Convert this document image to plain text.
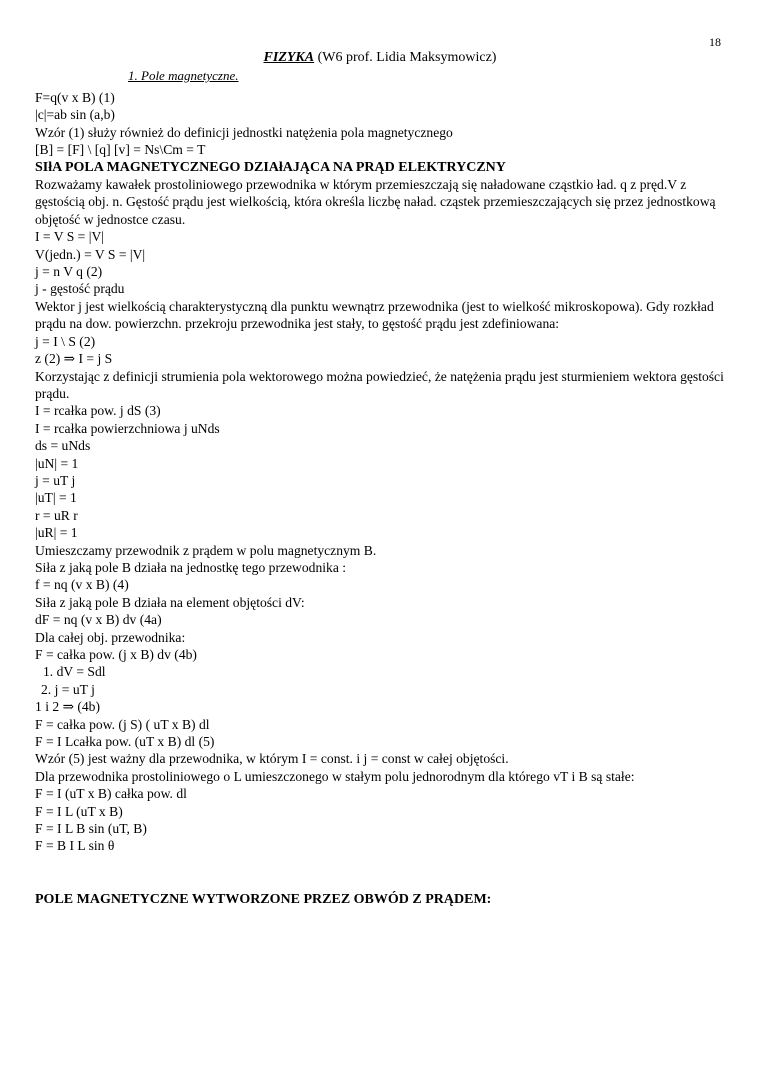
18
FIZYKA (W6 prof. Lidia Maksymowicz)
1. Pole magnetyczne.
F=q(v x B) (1)
|c|=ab sin (a,b)
Wzór (1) służy również do definicji jednostki natężenia pola magnetycznego
[B] = [F] \ [q] [v] = Ns\Cm = T
SIłA POLA MAGNETYCZNEGO DZIAłAJĄCA NA PRĄD ELEKTRYCZNY
Rozważamy kawałek prostoliniowego przewodnika w którym przemieszczają się naładowane cząstkio ład. q z pręd.V z gęstością obj. n. Gęstość prądu jest wielkością, która określa liczbę naład. cząstek przemieszczających się przez jednostkową objętość w jednostce czasu.
I = V S = |V|
V(jedn.) = V S = |V|
j = n V q (2)
j - gęstość prądu
Wektor j jest wielkością charakterystyczną dla punktu wewnątrz przewodnika (jest to wielkość mikroskopowa). Gdy rozkład prądu na dow. powierzchn. przekroju przewodnika jest stały, to gęstość prądu jest zdefiniowana:
j = I \ S (2)
z (2) ⇒ I = j S
Korzystając z definicji strumienia pola wektorowego można powiedzieć, że natężenia prądu jest sturmieniem wektora gęstości prądu.
I = rcałka pow. j dS (3)
I = rcałka powierzchniowa j uNds
ds = uNds
|uN| = 1
j = uT j
|uT| = 1
r = uR r
|uR| = 1
Umieszczamy przewodnik z prądem w polu magnetycznym B.
Siła z jaką pole B działa na jednostkę tego przewodnika :
f = nq (v x B) (4)
Siła z jaką pole B działa na element objętości dV:
dF = nq (v x B) dv (4a)
Dla całej obj. przewodnika:
F = całka pow. (j x B) dv (4b)
1. dV = Sdl
2. j = uT j
1 i 2 ⇒ (4b)
F = całka pow. (j S) ( uT x B) dl
F = I Lcałka pow. (uT x B) dl (5)
Wzór (5) jest ważny dla przewodnika, w którym I = const. i j = const w całej objętości.
Dla przewodnika prostoliniowego o L umieszczonego w stałym polu jednorodnym dla którego vT i B są stałe:
F = I (uT x B) całka pow. dl
F = I L (uT x B)
F = I L B sin (uT, B)
F = B I L sin θ
POLE MAGNETYCZNE WYTWORZONE PRZEZ OBWÓD Z PRĄDEM:
